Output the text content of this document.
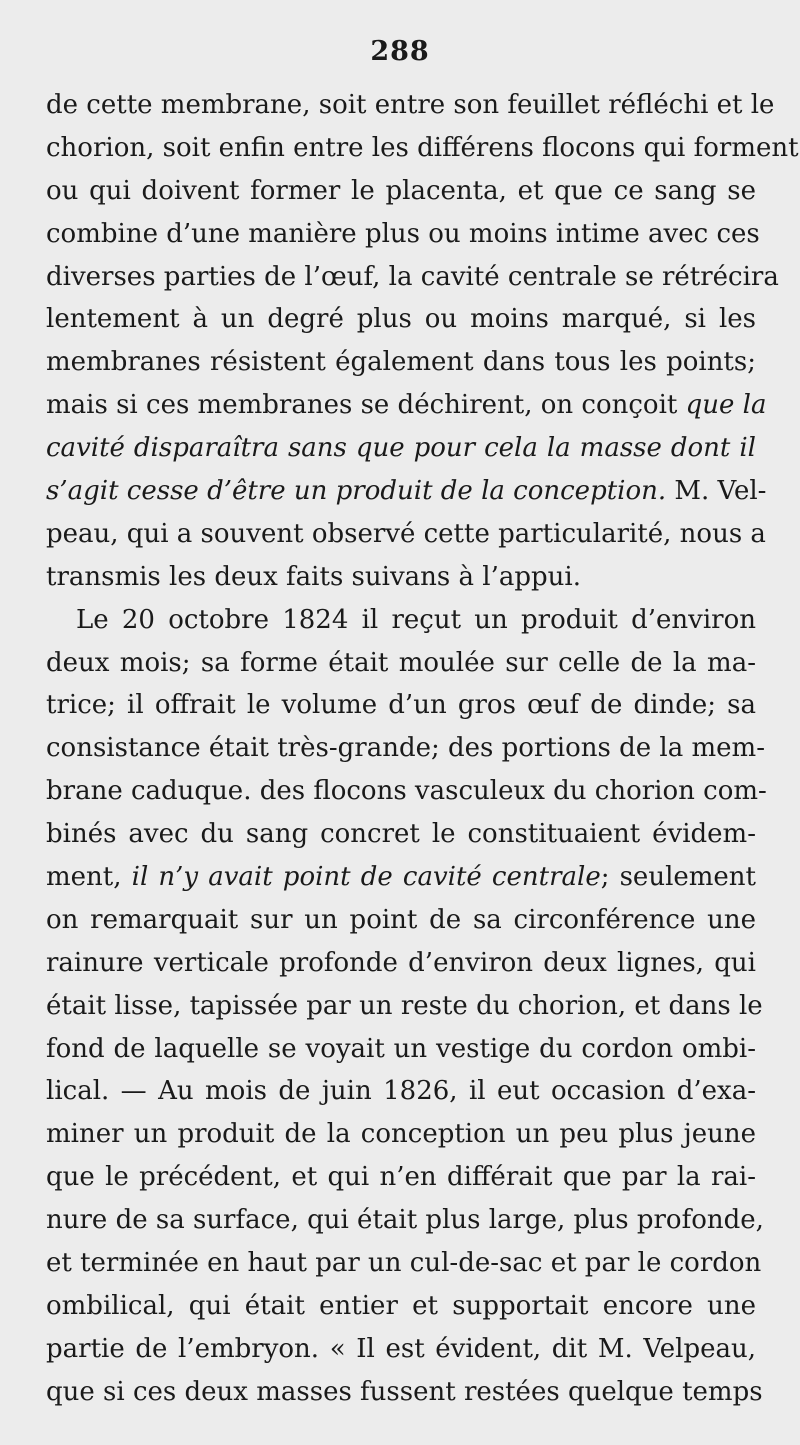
288
de cette membrane, soit entre son feuillet réfléchi et le
chorion, soit enfin entre les différens flocons qui forment
ou qui doivent former le placenta, et que ce sang se
combine d’une manière plus ou moins intime avec ces
diverses parties de l’œuf, la cavité centrale se rétrécira
lentement à un degré plus ou moins marqué, si les
membranes résistent également dans tous les points;
mais si ces membranes se déchirent, on conçoit que la
cavité disparaîtra sans que pour cela la masse dont il
s’agit cesse d’être un produit de la conception. M. Vel-
peau, qui a souvent observé cette particularité, nous a
transmis les deux faits suivans à l’appui.
Le 20 octobre 1824 il reçut un produit d’environ
deux mois; sa forme était moulée sur celle de la ma-
trice; il offrait le volume d’un gros œuf de dinde; sa
consistance était très-grande; des portions de la mem-
brane caduque. des flocons vasculeux du chorion com-
binés avec du sang concret le constituaient évidem-
ment, il n’y avait point de cavité centrale; seulement
on remarquait sur un point de sa circonférence une
rainure verticale profonde d’environ deux lignes, qui
était lisse, tapissée par un reste du chorion, et dans le
fond de laquelle se voyait un vestige du cordon ombi-
lical. — Au mois de juin 1826, il eut occasion d’exa-
miner un produit de la conception un peu plus jeune
que le précédent, et qui n’en différait que par la rai-
nure de sa surface, qui était plus large, plus profonde,
et terminée en haut par un cul-de-sac et par le cordon
ombilical, qui était entier et supportait encore une
partie de l’embryon. « Il est évident, dit M. Velpeau,
que si ces deux masses fussent restées quelque temps
